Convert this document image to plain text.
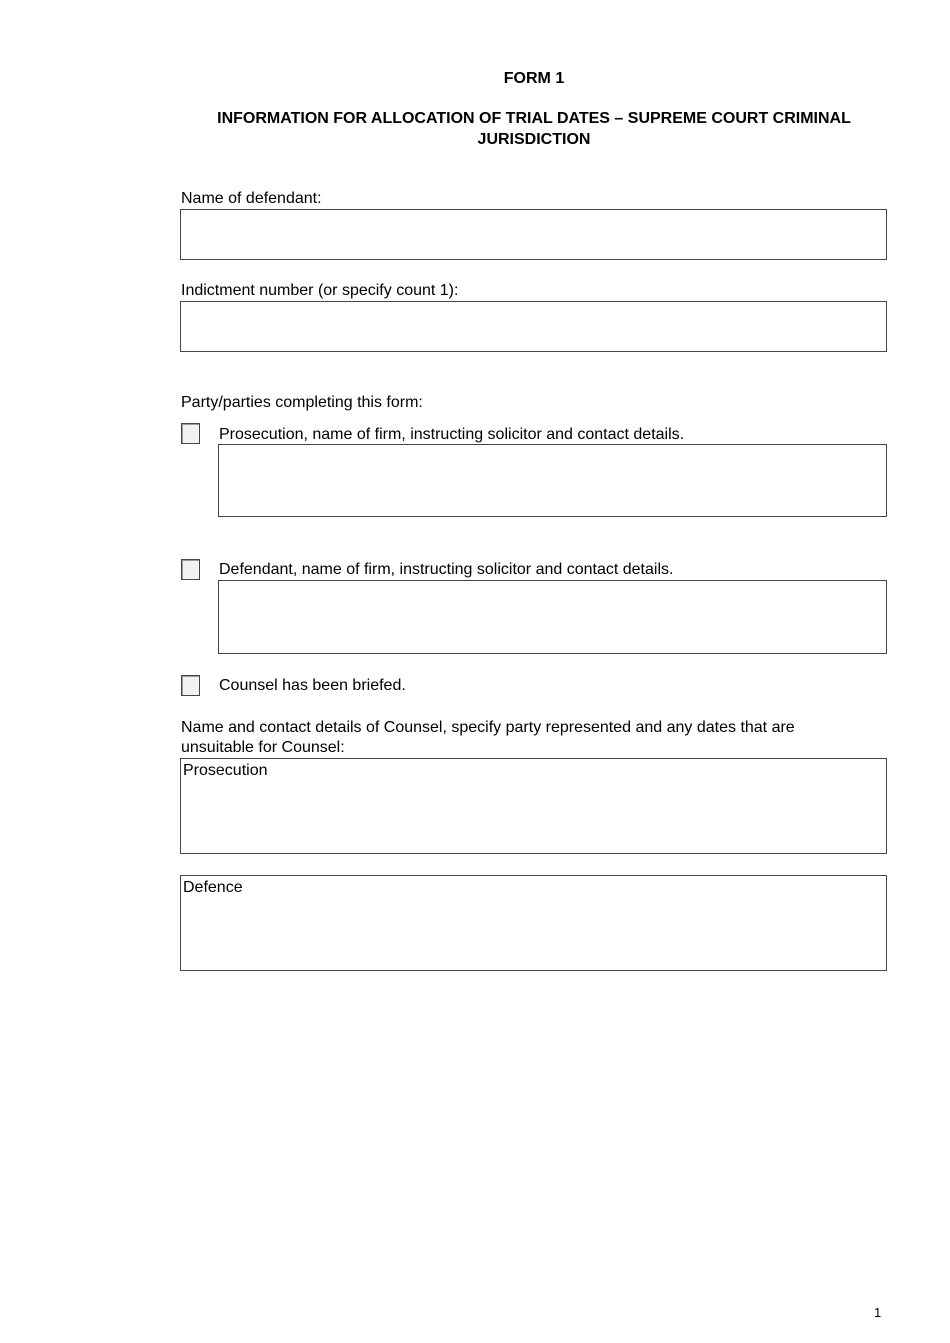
FORM 1
INFORMATION FOR ALLOCATION OF TRIAL DATES – SUPREME COURT CRIMINAL JURISDICTION
Name of defendant:
Indictment number (or specify count 1):
Party/parties completing this form:
Prosecution, name of firm, instructing solicitor and contact details.
Defendant, name of firm, instructing solicitor and contact details.
Counsel has been briefed.
Name and contact details of Counsel, specify party represented and any dates that are
unsuitable for Counsel:
Prosecution
Defence
1
